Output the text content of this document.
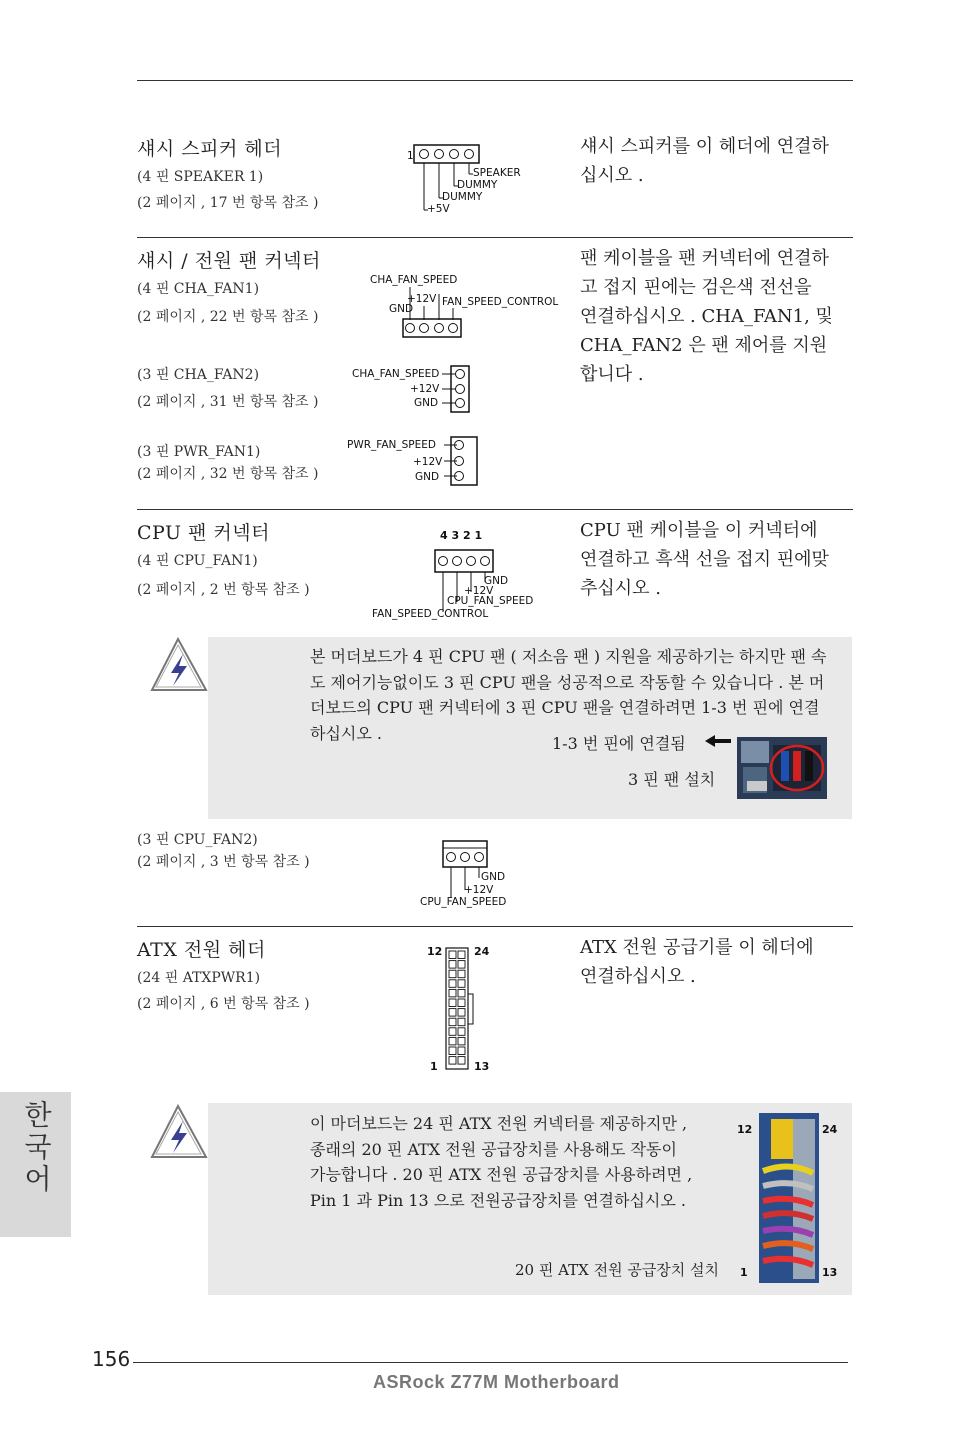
섀시 스피커 헤더
(4 핀 SPEAKER 1)
(2 페이지 , 17 번 항목 참조 )
섀시 스피커를 이 헤더에 연결하
십시오 .
1
SPEAKER
DUMMY
DUMMY
+5V
섀시 / 전원 팬 커넥터
(4 핀 CHA_FAN1)
(2 페이지 , 22 번 항목 참조 )
(3 핀 CHA_FAN2)
(2 페이지 , 31 번 항목 참조 )
(3 핀 PWR_FAN1)
(2 페이지 , 32 번 항목 참조 )
팬 케이블을 팬 커넥터에 연결하
고 접지 핀에는 검은색 전선을
연결하십시오 . CHA_FAN1, 및
CHA_FAN2 은 팬 제어를 지원
합니다 .
CHA_FAN_SPEED
+12V
GND
FAN_SPEED_CONTROL
CHA_FAN_SPEED
+12V
GND
PWR_FAN_SPEED
+12V
GND
CPU 팬 커넥터
(4 핀 CPU_FAN1)
(2 페이지 , 2 번 항목 참조 )
CPU 팬 케이블을 이 커넥터에
연결하고 흑색 선을 접지 핀에맞
추십시오 .
4 3 2 1
GND
+12V
CPU_FAN_SPEED
FAN_SPEED_CONTROL
본 머더보드가 4 핀 CPU 팬 ( 저소음 팬 ) 지원을 제공하기는 하지만 팬 속
도 제어기능없이도 3 핀 CPU 팬을 성공적으로 작동할 수 있습니다 . 본 머
더보드의 CPU 팬 커넥터에 3 핀 CPU 팬을 연결하려면 1-3 번 핀에 연결
하십시오 .
1-3 번 핀에 연결됨
3 핀 팬 설치
(3 핀 CPU_FAN2)
(2 페이지 , 3 번 항목 참조 )
GND
+12V
CPU_FAN_SPEED
ATX 전원 헤더
(24 핀 ATXPWR1)
(2 페이지 , 6 번 항목 참조 )
ATX 전원 공급기를 이 헤더에
연결하십시오 .
12	24
1	13
이 마더보드는 24 핀 ATX 전원 커넥터를 제공하지만 ,
종래의 20 핀 ATX 전원 공급장치를 사용해도 작동이
가능합니다 . 20 핀 ATX 전원 공급장치를 사용하려면 ,
Pin 1 과 Pin 13 으로 전원공급장치를 연결하십시오 .
20 핀 ATX 전원 공급장치 설치
12	24
1	13
한국어
156
ASRock Z77M Motherboard
